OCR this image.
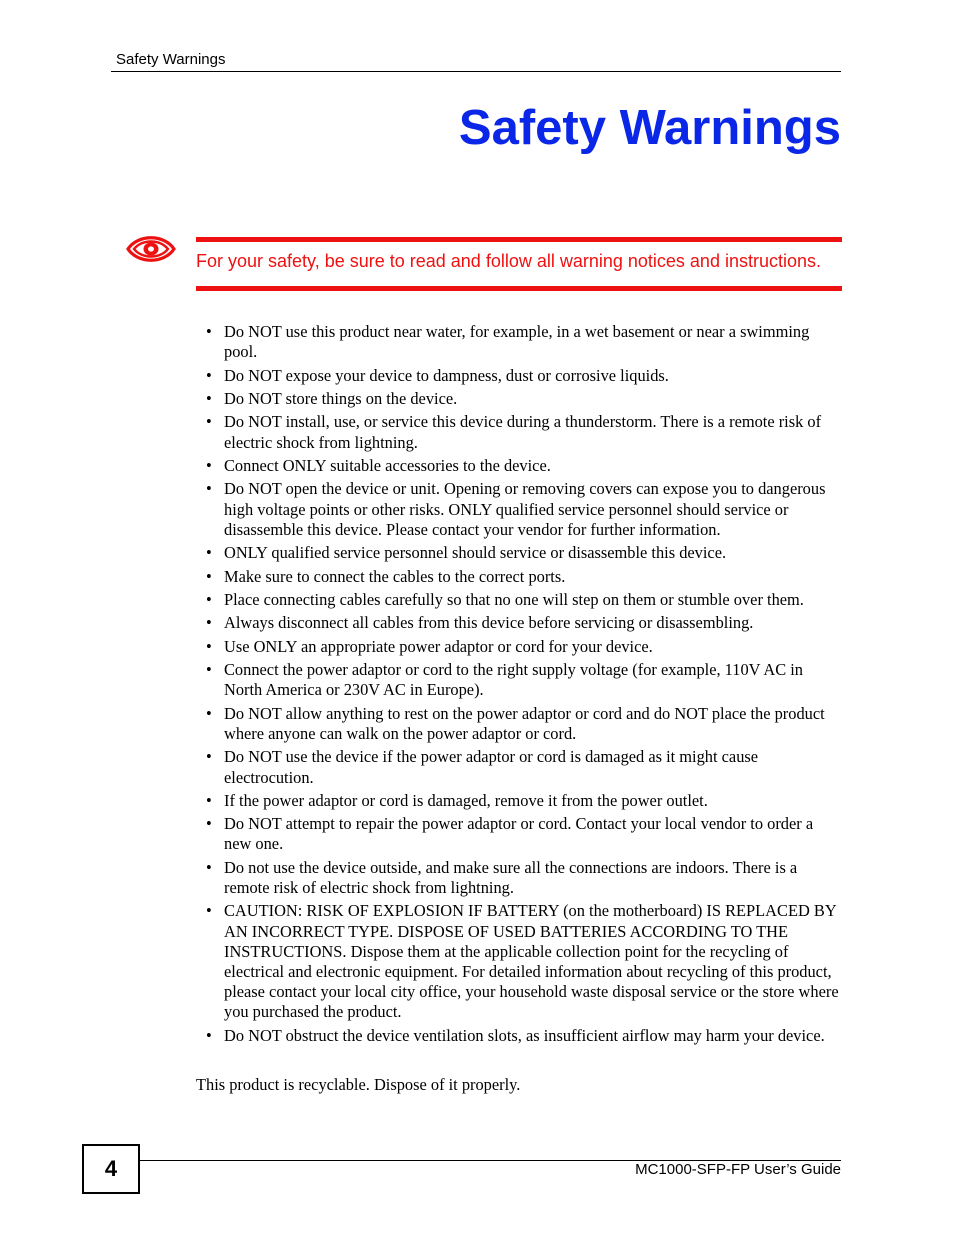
Safety Warnings
Safety Warnings
For your safety, be sure to read and follow all warning notices and instructions.
• Do NOT use this product near water, for example, in a wet basement or near a swimming pool.
• Do NOT expose your device to dampness, dust or corrosive liquids.
• Do NOT store things on the device.
• Do NOT install, use, or service this device during a thunderstorm. There is a remote risk of electric shock from lightning.
• Connect ONLY suitable accessories to the device.
• Do NOT open the device or unit. Opening or removing covers can expose you to dangerous high voltage points or other risks. ONLY qualified service personnel should service or disassemble this device. Please contact your vendor for further information.
• ONLY qualified service personnel should service or disassemble this device.
• Make sure to connect the cables to the correct ports.
• Place connecting cables carefully so that no one will step on them or stumble over them.
• Always disconnect all cables from this device before servicing or disassembling.
• Use ONLY an appropriate power adaptor or cord for your device.
• Connect the power adaptor or cord to the right supply voltage (for example, 110V AC in North America or 230V AC in Europe).
• Do NOT allow anything to rest on the power adaptor or cord and do NOT place the product where anyone can walk on the power adaptor or cord.
• Do NOT use the device if the power adaptor or cord is damaged as it might cause electrocution.
• If the power adaptor or cord is damaged, remove it from the power outlet.
• Do NOT attempt to repair the power adaptor or cord. Contact your local vendor to order a new one.
• Do not use the device outside, and make sure all the connections are indoors. There is a remote risk of electric shock from lightning.
• CAUTION: RISK OF EXPLOSION IF BATTERY (on the motherboard) IS REPLACED BY AN INCORRECT TYPE. DISPOSE OF USED BATTERIES ACCORDING TO THE INSTRUCTIONS. Dispose them at the applicable collection point for the recycling of electrical and electronic equipment. For detailed information about recycling of this product, please contact your local city office, your household waste disposal service or the store where you purchased the product.
• Do NOT obstruct the device ventilation slots, as insufficient airflow may harm your device.
This product is recyclable. Dispose of it properly.
4	MC1000-SFP-FP User’s Guide
